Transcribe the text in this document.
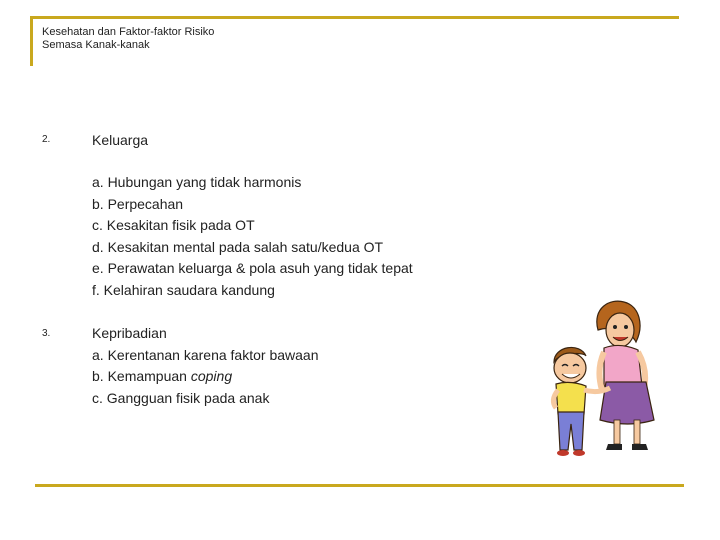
Kesehatan dan Faktor-faktor Risiko
Semasa Kanak-kanak
2.	Keluarga
a. Hubungan yang tidak harmonis
b. Perpecahan
c. Kesakitan fisik pada OT
d. Kesakitan mental pada salah satu/kedua OT
e. Perawatan keluarga & pola asuh yang tidak tepat
f. Kelahiran saudara kandung
3.	Kepribadian
a. Kerentanan karena faktor bawaan
b. Kemampuan coping
c. Gangguan fisik pada anak
